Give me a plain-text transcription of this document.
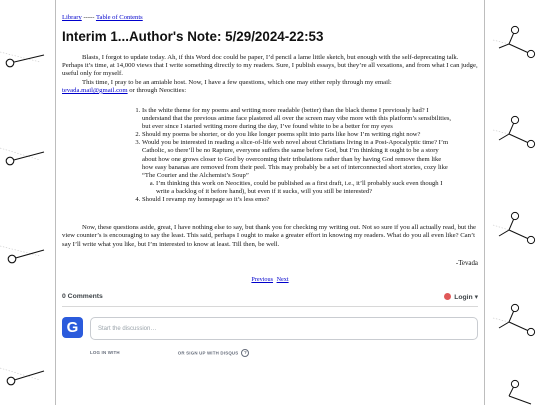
Library ----- Table of Contents
Interim 1...Author's Note: 5/29/2024-22:53

Blasts, I forgot to update today. Ah, if this Word doc could be paper, I’d pencil a lame little sketch, but enough with the self-deprecating talk. Perhaps it’s time, at 14,000 views that I write something directly to my readers. Sure, I publish essays, but they’re all vexations, and from what I can judge, useful only for myself.

This time, I pray to be an amiable host. Now, I have a few questions, which one may either reply through my email:
tevada.mail@gmail.com or through Neocities:

1. Is the white theme for my poems and writing more readable (better) than the black theme I previously had? I understand that the previous anime face plastered all over the screen may vibe more with this platform’s sensibilities, but ever since I started writing more during the day, I’ve found white to be a better for my eyes
2. Should my poems be shorter, or do you like longer poems split into parts like how I’m writing right now?
3. Would you be interested in reading a slice-of-life web novel about Christians living in a Post-Apocalyptic time? I’m Catholic, so there’ll be no Rapture, everyone suffers the same before God, but I’m thinking it ought to be a story about how one grows closer to God by overcoming their tribulations rather than by having God remove them like how easy bananas are removed from their peel. This may probably be a set of interconnected short stories, cozy like “The Courier and the Alchemist’s Soup”
a. I’m thinking this work on Neocities, could be published as a first draft, i.e., it’ll probably suck even though I write a backlog of it before hand), but even if it sucks, will you still be interested?
4. Should I revamp my homepage so it’s less emo?

Now, these questions aside, great, I have nothing else to say, but thank you for checking my writing out. Not so sure if you all actually read, but the view counter’s is encouraging to say the least. This said, perhaps I ought to make a greater effort in knowing my readers. What do you all even like? Can’t say I’ll write what you like, but I’m interested to know at least. Till then, be well.

-Tevada
Previous Next
0 Comments	Login ▾
G	Start the discussion…
LOG IN WITH	OR SIGN UP WITH DISQUS ?
